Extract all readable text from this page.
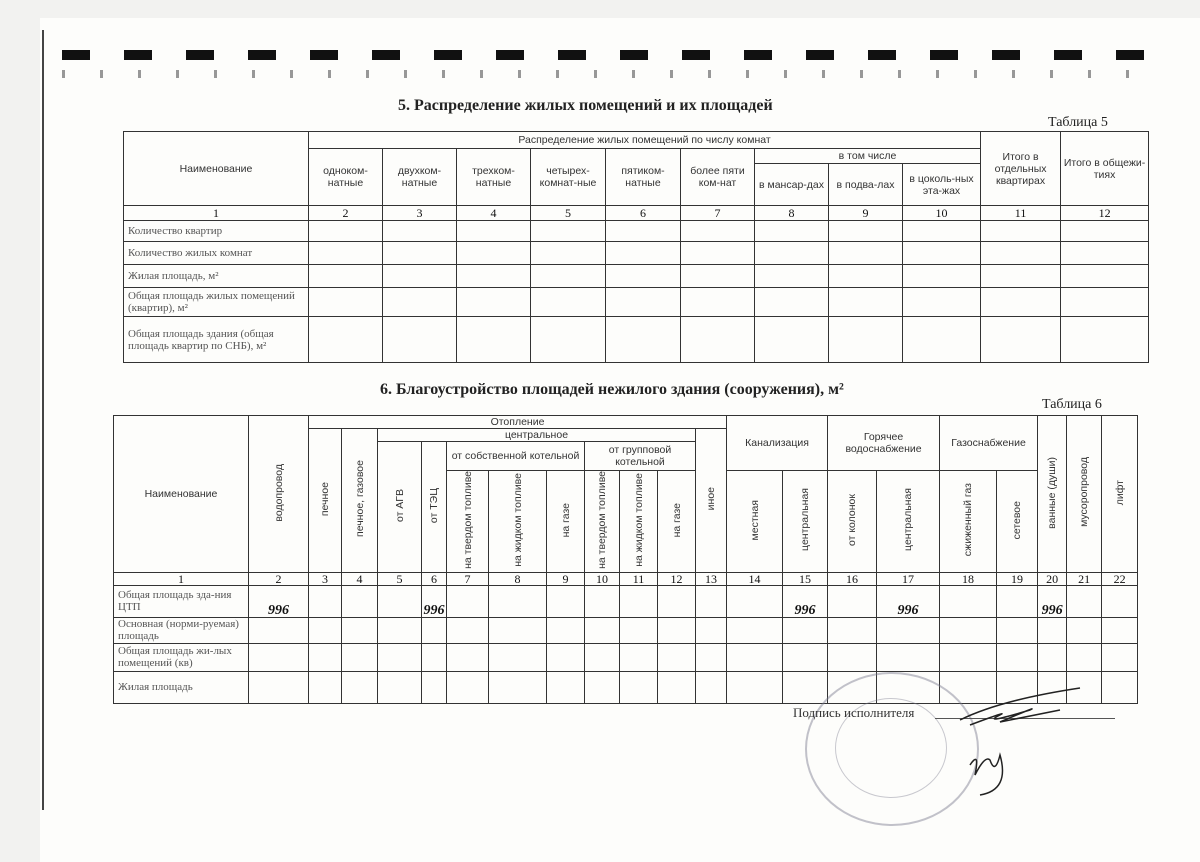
5. Распределение жилых помещений и их площадей
Таблица 5
Наименование	Распределение жилых помещений по числу комнат									Итого в отдельных квартирах	Итого в общежи-тиях
	одноком-натные	двухком-натные	трехком-натные	четырех-комнат-ные	пятиком-натные	более пяти ком-нат	в том числе				
							в мансар-дах	в подва-лах	в цоколь-ных эта-жах		
1	2	3	4	5	6	7	8	9	10	11	12
Количество квартир											
Количество жилых комнат											
Жилая площадь, м²											
Общая площадь жилых помещений (квартир), м²											
Общая площадь здания (общая площадь квартир по СНБ), м²											
6. Благоустройство площадей нежилого здания (сооружения), м²
Таблица 6
Наименование	водопровод	Отопление											Канализация		Горячее водоснабжение		Газоснабжение		ванные (души)	мусоропровод	лифт
		печное	печное, газовое	центральное								иное									
				от АГВ	от ТЭЦ	от собственной котельной			от групповой котельной												
						на твердом топливе	на жидком топливе	на газе	на твердом топливе	на жидком топливе	на газе		местная	центральная	от колонок	центральная	сжиженный газ	сетевое			
1	2	3	4	5	6	7	8	9	10	11	12	13	14	15	16	17	18	19	20	21	22
Общая площадь зда-ния ЦТП	996				996									996		996			996		
Основная (норми-руемая) площадь																					
Общая площадь жи-лых помещений (кв)																					
Жилая площадь																					
Подпись исполнителя
